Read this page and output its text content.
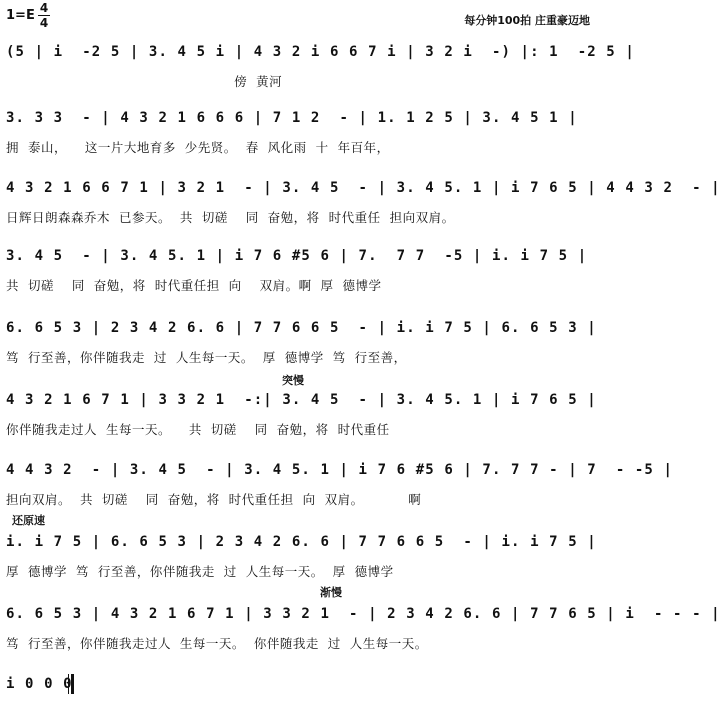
1=E 4
4	每分钟100拍 庄重豪迈地
(5 | i  -2 5 | 3. 4 5 i | 4 3 2 i 6 6 7 i | 3 2 i  -) |: 1  -2 5 |
傍  黄河
3. 3 3  - | 4 3 2 1 6 6 6 | 7 1 2  - | 1. 1 2 5 | 3. 4 5 1 |
拥  泰山，    这一片大地育多  少先贤。  春  风化雨  十  年百年，
4 3 2 1 6 6 7 1 | 3 2 1  - | 3. 4 5  - | 3. 4 5. 1 | i 7 6 5 | 4 4 3 2  - |
日辉日朗森森乔木  已参天。  共  切磋    同  奋勉，将  时代重任  担向双肩。
3. 4 5  - | 3. 4 5. 1 | i 7 6 #5 6 | 7.  7 7  -5 | i. i 7 5 |
共  切磋    同  奋勉，将  时代重任担  向    双肩。啊  厚  德博学
6. 6 5 3 | 2 3 4 2 6. 6 | 7 7 6 6 5  - | i. i 7 5 | 6. 6 5 3 |
笃  行至善，你伴随我走  过  人生每一天。  厚  德博学  笃  行至善，
突慢
4 3 2 1 6 7 1 | 3 3 2 1  -:| 3. 4 5  - | 3. 4 5. 1 | i 7 6 5 |
你伴随我走过人  生每一天。    共  切磋    同  奋勉，将  时代重任
4 4 3 2  - | 3. 4 5  - | 3. 4 5. 1 | i 7 6 #5 6 | 7. 7 7 - | 7  - -5 |
担向双肩。  共  切磋    同  奋勉，将  时代重任担  向  双肩。          啊
还原速
i. i 7 5 | 6. 6 5 3 | 2 3 4 2 6. 6 | 7 7 6 6 5  - | i. i 7 5 |
厚  德博学  笃  行至善，你伴随我走  过  人生每一天。  厚  德博学
渐慢
6. 6 5 3 | 4 3 2 1 6 7 1 | 3 3 2 1  - | 2 3 4 2 6. 6 | 7 7 6 5 | i  - - - |
笃  行至善，你伴随我走过人  生每一天。  你伴随我走  过  人生每一天。
i 0 0 0
